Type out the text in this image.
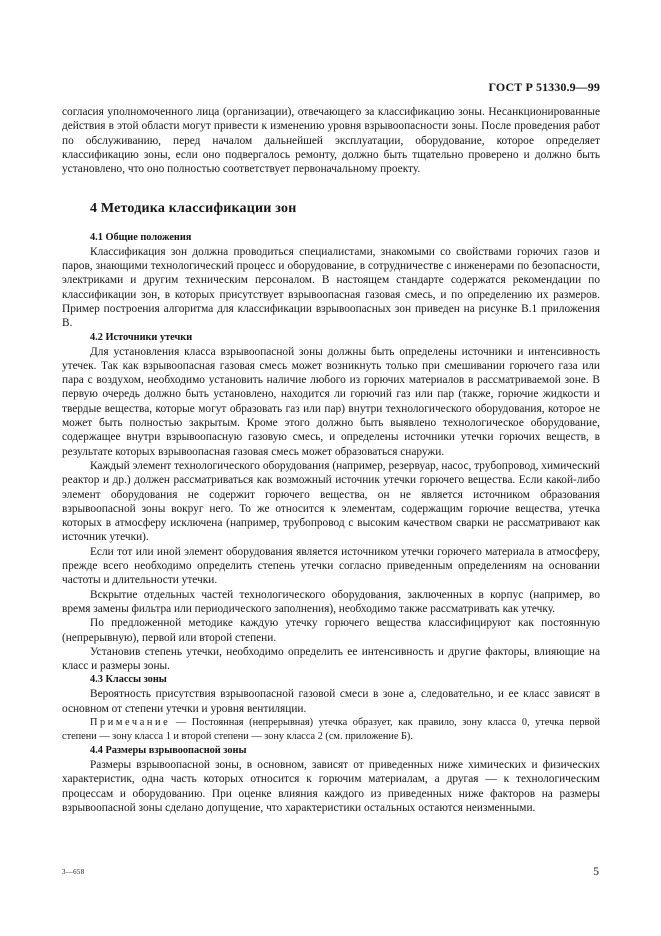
ГОСТ Р 51330.9—99

согласия уполномоченного лица (организации), отвечающего за классификацию зоны. Несанкционированные действия в этой области могут привести к изменению уровня взрывоопасности зоны. После проведения работ по обслуживанию, перед началом дальнейшей эксплуатации, оборудование, которое определяет классификацию зоны, если оно подвергалось ремонту, должно быть тщательно проверено и должно быть установлено, что оно полностью соответствует первоначальному проекту.

4 Методика классификации зон
4.1 Общие положения

Классификация зон должна проводиться специалистами, знакомыми со свойствами горючих газов и паров, знающими технологический процесс и оборудование, в сотрудничестве с инженерами по безопасности, электриками и другим техническим персоналом. В настоящем стандарте содержатся рекомендации по классификации зон, в которых присутствует взрывоопасная газовая смесь, и по определению их размеров. Пример построения алгоритма для классификации взрывоопасных зон приведен на рисунке В.1 приложения В.

4.2 Источники утечки

Для установления класса взрывоопасной зоны должны быть определены источники и интенсивность утечек. Так как взрывоопасная газовая смесь может возникнуть только при смешивании горючего газа или пара с воздухом, необходимо установить наличие любого из горючих материалов в рассматриваемой зоне. В первую очередь должно быть установлено, находится ли горючий газ или пар (также, горючие жидкости и твердые вещества, которые могут образовать газ или пар) внутри технологического оборудования, которое не может быть полностью закрытым. Кроме этого должно быть выявлено технологическое оборудование, содержащее внутри взрывоопасную газовую смесь, и определены источники утечки горючих веществ, в результате которых взрывоопасная газовая смесь может образоваться снаружи.

Каждый элемент технологического оборудования (например, резервуар, насос, трубопровод, химический реактор и др.) должен рассматриваться как возможный источник утечки горючего вещества. Если какой-либо элемент оборудования не содержит горючего вещества, он не является источником образования взрывоопасной зоны вокруг него. То же относится к элементам, содержащим горючие вещества, утечка которых в атмосферу исключена (например, трубопровод с высоким качеством сварки не рассматривают как источник утечки).

Если тот или иной элемент оборудования является источником утечки горючего материала в атмосферу, прежде всего необходимо определить степень утечки согласно приведенным определениям на основании частоты и длительности утечки.

Вскрытие отдельных частей технологического оборудования, заключенных в корпус (например, во время замены фильтра или периодического заполнения), необходимо также рассматривать как утечку.

По предложенной методике каждую утечку горючего вещества классифицируют как постоянную (непрерывную), первой или второй степени.

Установив степень утечки, необходимо определить ее интенсивность и другие факторы, влияющие на класс и размеры зоны.

4.3 Классы зоны

Вероятность присутствия взрывоопасной газовой смеси в зоне а, следовательно, и ее класс зависят в основном от степени утечки и уровня вентиляции.

Примечание — Постоянная (непрерывная) утечка образует, как правило, зону класса 0, утечка первой степени — зону класса 1 и второй степени — зону класса 2 (см. приложение Б).

4.4 Размеры взрывоопасной зоны

Размеры взрывоопасной зоны, в основном, зависят от приведенных ниже химических и физических характеристик, одна часть которых относится к горючим материалам, а другая — к технологическим процессам и оборудованию. При оценке влияния каждого из приведенных ниже факторов на размеры взрывоопасной зоны сделано допущение, что характеристики остальных остаются неизменными.

3—658	5
